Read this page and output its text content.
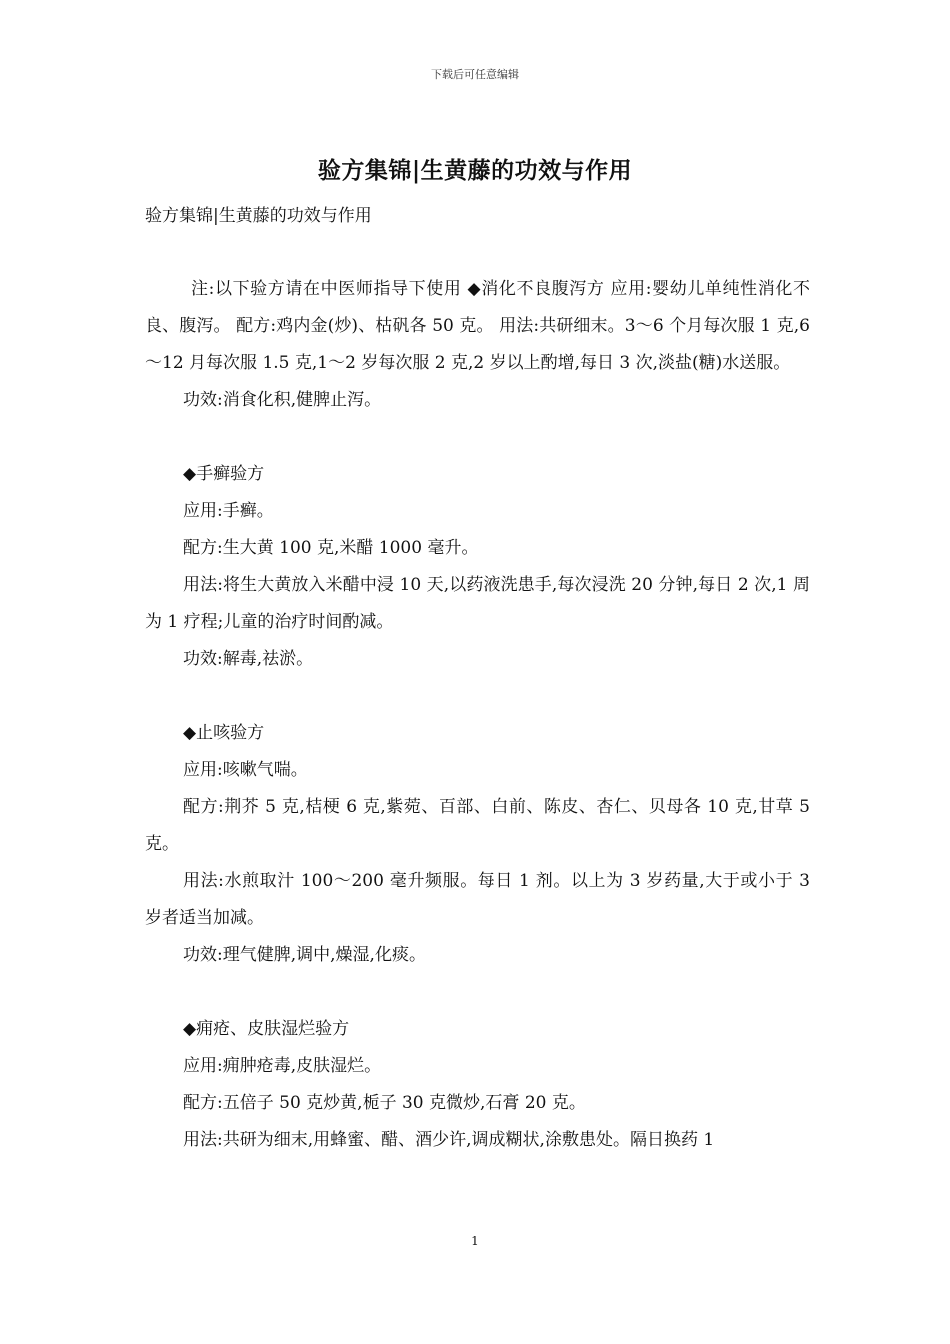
下载后可任意编辑
验方集锦|生黄藤的功效与作用
验方集锦|生黄藤的功效与作用

注:以下验方请在中医师指导下使用 ◆消化不良腹泻方 应用:婴幼儿单纯性消化不良、腹泻。 配方:鸡内金(炒)、枯矾各 50 克。 用法:共研细末。3～6 个月每次服 1 克,6～12 月每次服 1.5 克,1～2 岁每次服 2 克,2 岁以上酌增,每日 3 次,淡盐(糖)水送服。

功效:消食化积,健脾止泻。

◆手癣验方

应用:手癣。

配方:生大黄 100 克,米醋 1000 毫升。

用法:将生大黄放入米醋中浸 10 天,以药液洗患手,每次浸洗 20 分钟,每日 2 次,1 周为 1 疗程;儿童的治疗时间酌减。

功效:解毒,祛淤。

◆止咳验方

应用:咳嗽气喘。

配方:荆芥 5 克,桔梗 6 克,紫菀、百部、白前、陈皮、杏仁、贝母各 10 克,甘草 5 克。

用法:水煎取汁 100～200 毫升频服。每日 1 剂。以上为 3 岁药量,大于或小于 3 岁者适当加减。

功效:理气健脾,调中,燥湿,化痰。

◆痈疮、皮肤湿烂验方

应用:痈肿疮毒,皮肤湿烂。

配方:五倍子 50 克炒黄,栀子 30 克微炒,石膏 20 克。

用法:共研为细末,用蜂蜜、醋、酒少许,调成糊状,涂敷患处。隔日换药 1

1
